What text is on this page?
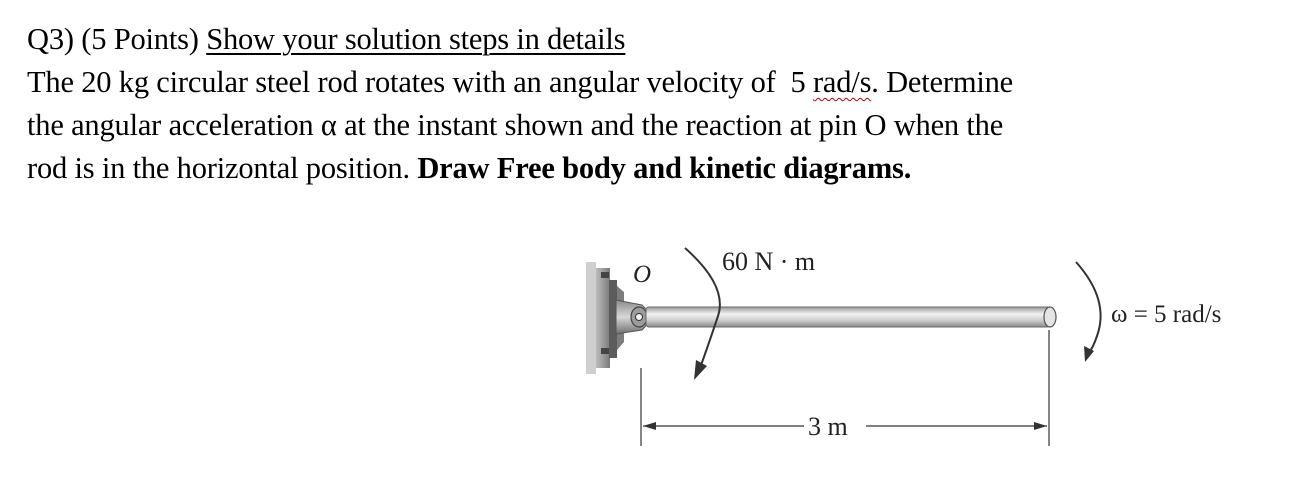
Q3) (5 Points) Show your solution steps in details
The 20 kg circular steel rod rotates with an angular velocity of 5 rad/s. Determine
the angular acceleration α at the instant shown and the reaction at pin O when the
rod is in the horizontal position. Draw Free body and kinetic diagrams.
O	60 N · m
ω = 5 rad/s
3 m
